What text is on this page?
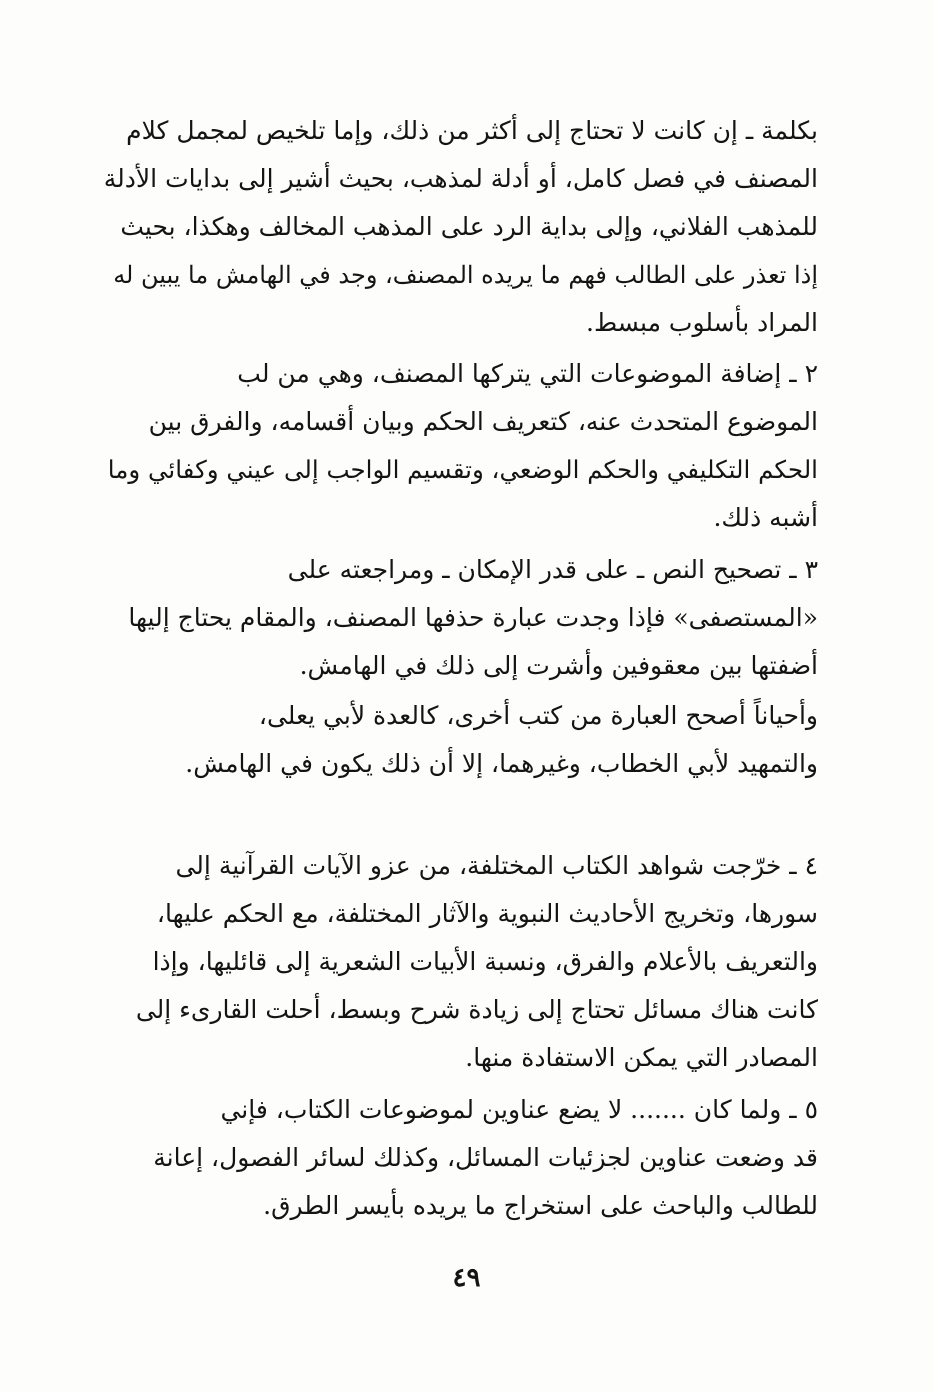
بكلمة ـ إن كانت لا تحتاج إلى أكثر من ذلك، وإما تلخيص لمجمل كلام
المصنف في فصل كامل، أو أدلة لمذهب، بحيث أشير إلى بدايات الأدلة
للمذهب الفلاني، وإلى بداية الرد على المذهب المخالف وهكذا، بحيث
إذا تعذر على الطالب فهم ما يريده المصنف، وجد في الهامش ما يبين له
المراد بأسلوب مبسط.
٢ ـ إضافة الموضوعات التي يتركها المصنف، وهي من لب
الموضوع المتحدث عنه، كتعريف الحكم وبيان أقسامه، والفرق بين
الحكم التكليفي والحكم الوضعي، وتقسيم الواجب إلى عيني وكفائي وما
أشبه ذلك.
٣ ـ تصحيح النص ـ على قدر الإمكان ـ ومراجعته على
«المستصفى» فإذا وجدت عبارة حذفها المصنف، والمقام يحتاج إليها
أضفتها بين معقوفين وأشرت إلى ذلك في الهامش.
وأحياناً أصحح العبارة من كتب أخرى، كالعدة لأبي يعلى،
والتمهيد لأبي الخطاب، وغيرهما، إلا أن ذلك يكون في الهامش.
٤ ـ خرّجت شواهد الكتاب المختلفة، من عزو الآيات القرآنية إلى
سورها، وتخريج الأحاديث النبوية والآثار المختلفة، مع الحكم عليها،
والتعريف بالأعلام والفرق، ونسبة الأبيات الشعرية إلى قائليها، وإذا
كانت هناك مسائل تحتاج إلى زيادة شرح وبسط، أحلت القارىء إلى
المصادر التي يمكن الاستفادة منها.
٥ ـ ولما كان ....... لا يضع عناوين لموضوعات الكتاب، فإني
قد وضعت عناوين لجزئيات المسائل، وكذلك لسائر الفصول، إعانة
للطالب والباحث على استخراج ما يريده بأيسر الطرق.
٤٩
